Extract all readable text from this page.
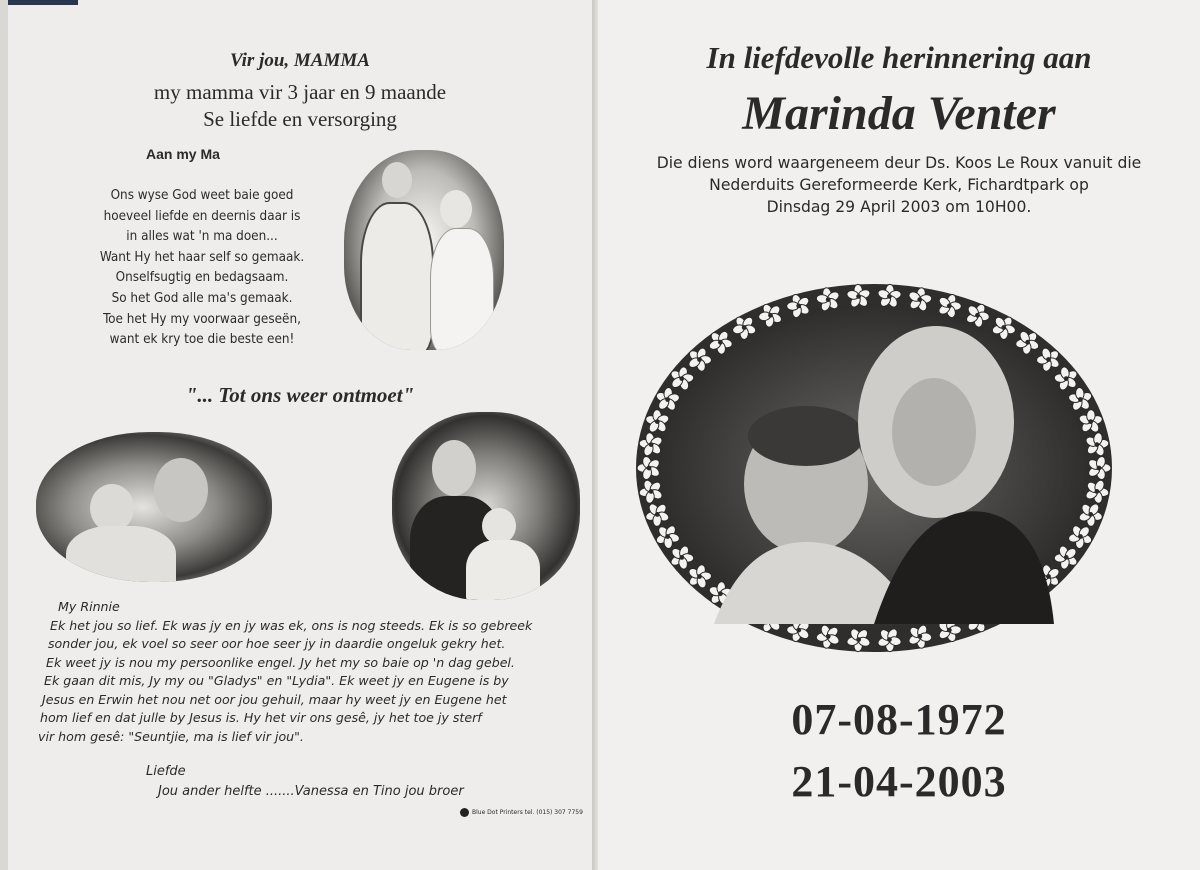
Vir jou, MAMMA
my mamma vir 3 jaar en 9 maande
Se liefde en versorging
Aan my Ma
Ons wyse God weet baie goed
hoeveel liefde en deernis daar is
in alles wat 'n ma doen...
Want Hy het haar self so gemaak.
Onselfsugtig en bedagsaam.
So het God alle ma's gemaak.
Toe het Hy my voorwaar geseën,
want ek kry toe die beste een!
"... Tot ons weer ontmoet"
My Rinnie
Ek het jou so lief. Ek was jy en jy was ek, ons is nog steeds. Ek is so gebreek
sonder jou, ek voel so seer oor hoe seer jy in daardie ongeluk gekry het.
Ek weet jy is nou my persoonlike engel. Jy het my so baie op 'n dag gebel.
Ek gaan dit mis, Jy my ou "Gladys" en "Lydia". Ek weet jy en Eugene is by
Jesus en Erwin het nou net oor jou gehuil, maar hy weet jy en Eugene het
hom lief en dat julle by Jesus is. Hy het vir ons gesê, jy het toe jy sterf
vir hom gesê: "Seuntjie, ma is lief vir jou".
Liefde
Jou ander helfte .......Vanessa en Tino jou broer
Blue Dot Printers tel. (015) 307 7759
In liefdevolle herinnering aan
Marinda Venter
Die diens word waargeneem deur Ds. Koos Le Roux vanuit die
Nederduits Gereformeerde Kerk, Fichardtpark op
Dinsdag 29 April 2003 om 10H00.
07-08-1972
21-04-2003
